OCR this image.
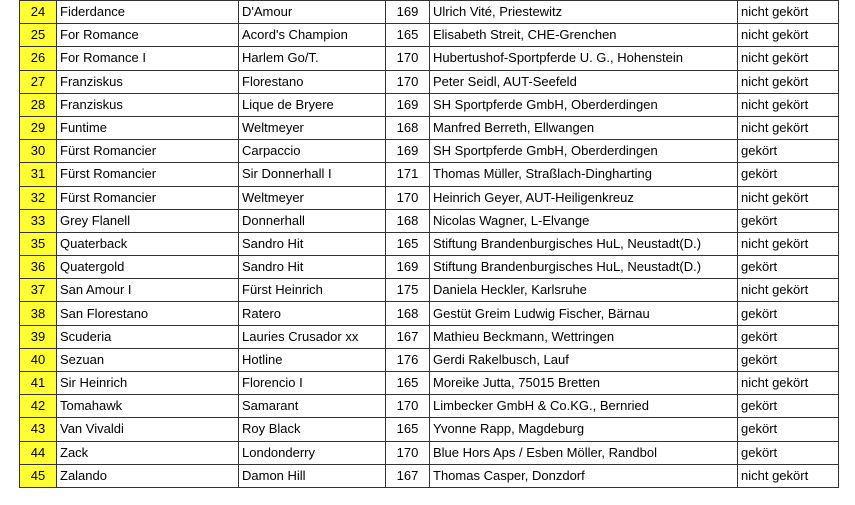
24	Fiderdance	D'Amour	169	Ulrich Vité, Priestewitz	nicht gekört
25	For Romance	Acord's Champion	165	Elisabeth Streit, CHE-Grenchen	nicht gekört
26	For Romance I	Harlem Go/T.	170	Hubertushof-Sportpferde U. G., Hohenstein	nicht gekört
27	Franziskus	Florestano	170	Peter Seidl, AUT-Seefeld	nicht gekört
28	Franziskus	Lique de Bryere	169	SH Sportpferde GmbH, Oberderdingen	nicht gekört
29	Funtime	Weltmeyer	168	Manfred Berreth, Ellwangen	nicht gekört
30	Fürst Romancier	Carpaccio	169	SH Sportpferde GmbH, Oberderdingen	gekört
31	Fürst Romancier	Sir Donnerhall I	171	Thomas Müller, Straßlach-Dingharting	gekört
32	Fürst Romancier	Weltmeyer	170	Heinrich Geyer, AUT-Heiligenkreuz	nicht gekört
33	Grey Flanell	Donnerhall	168	Nicolas Wagner, L-Elvange	gekört
35	Quaterback	Sandro Hit	165	Stiftung Brandenburgisches HuL, Neustadt(D.)	nicht gekört
36	Quatergold	Sandro Hit	169	Stiftung Brandenburgisches HuL, Neustadt(D.)	gekört
37	San Amour I	Fürst Heinrich	175	Daniela Heckler, Karlsruhe	nicht gekört
38	San Florestano	Ratero	168	Gestüt Greim Ludwig Fischer, Bärnau	gekört
39	Scuderia	Lauries Crusador xx	167	Mathieu Beckmann, Wettringen	gekört
40	Sezuan	Hotline	176	Gerdi Rakelbusch, Lauf	gekört
41	Sir Heinrich	Florencio I	165	Moreike Jutta, 75015 Bretten	nicht gekört
42	Tomahawk	Samarant	170	Limbecker GmbH & Co.KG., Bernried	gekört
43	Van Vivaldi	Roy Black	165	Yvonne Rapp, Magdeburg	gekört
44	Zack	Londonderry	170	Blue Hors Aps / Esben Möller, Randbol	gekört
45	Zalando	Damon Hill	167	Thomas Casper, Donzdorf	nicht gekört
